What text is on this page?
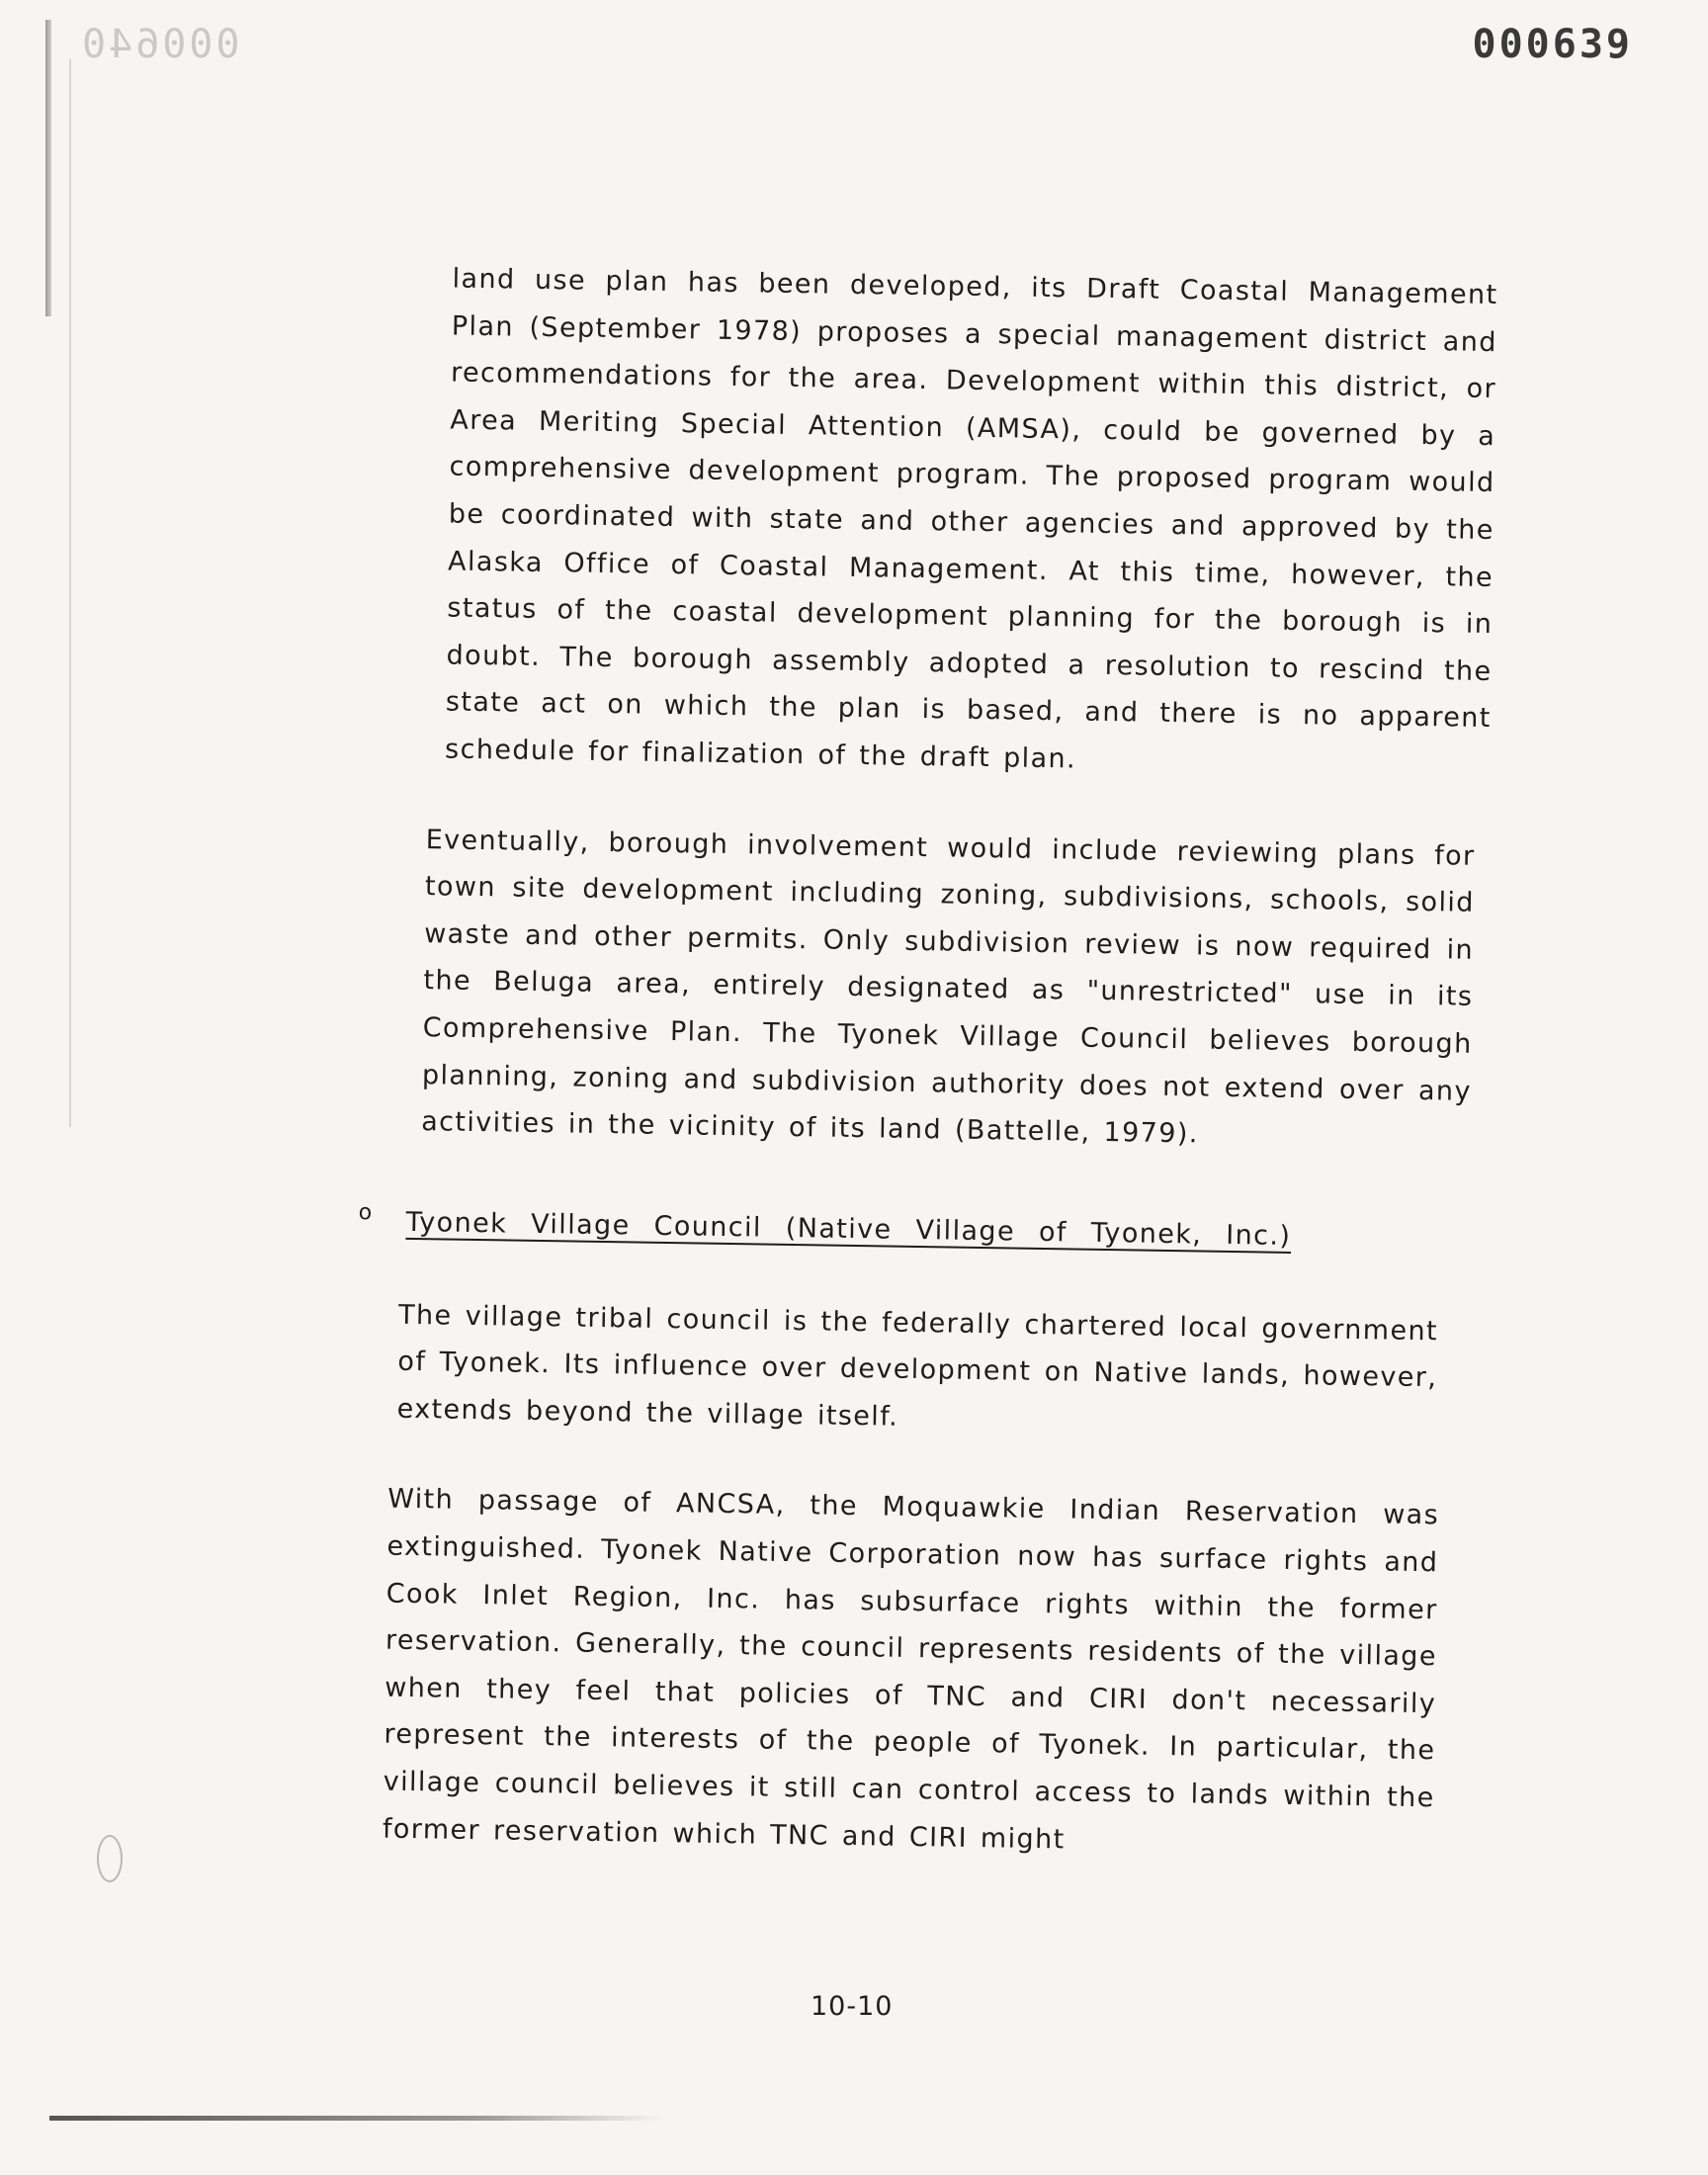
000640	000639

land use plan has been developed, its Draft Coastal Management Plan (September 1978) proposes a special management district and recommendations for the area. Development within this district, or Area Meriting Special Attention (AMSA), could be governed by a comprehensive development program. The proposed program would be coordinated with state and other agencies and approved by the Alaska Office of Coastal Management. At this time, however, the status of the coastal development planning for the borough is in doubt. The borough assembly adopted a resolution to rescind the state act on which the plan is based, and there is no apparent schedule for finalization of the draft plan.

Eventually, borough involvement would include reviewing plans for town site development including zoning, subdivisions, schools, solid waste and other permits. Only subdivision review is now required in the Beluga area, entirely designated as "unrestricted" use in its Comprehensive Plan. The Tyonek Village Council believes borough planning, zoning and subdivision authority does not extend over any activities in the vicinity of its land (Battelle, 1979).

o Tyonek Village Council (Native Village of Tyonek, Inc.)

The village tribal council is the federally chartered local government of Tyonek. Its influence over development on Native lands, however, extends beyond the village itself.

With passage of ANCSA, the Moquawkie Indian Reservation was extinguished. Tyonek Native Corporation now has surface rights and Cook Inlet Region, Inc. has subsurface rights within the former reservation. Generally, the council represents residents of the village when they feel that policies of TNC and CIRI don't necessarily represent the interests of the people of Tyonek. In particular, the village council believes it still can control access to lands within the former reservation which TNC and CIRI might

10-10
